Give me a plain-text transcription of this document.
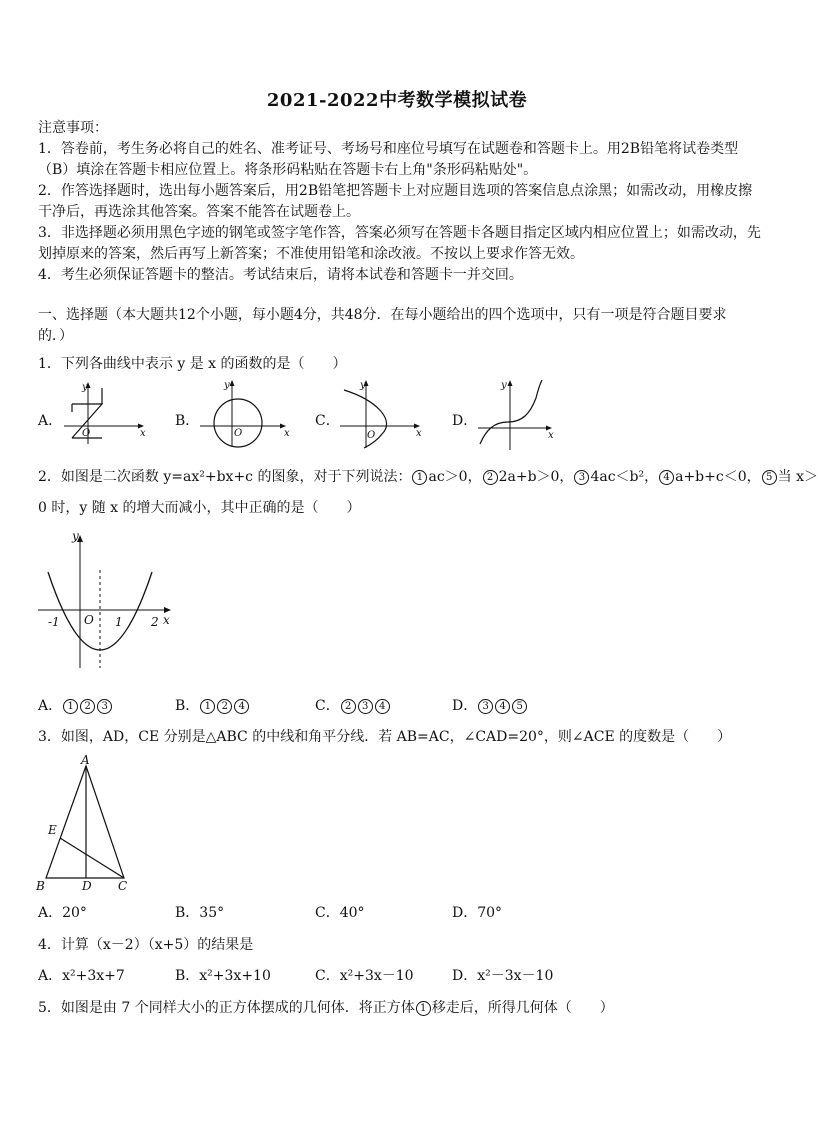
2021-2022中考数学模拟试卷
注意事项：
1．答卷前，考生务必将自己的姓名、准考证号、考场号和座位号填写在试题卷和答题卡上。用2B铅笔将试卷类型
（B）填涂在答题卡相应位置上。将条形码粘贴在答题卡右上角"条形码粘贴处"。
2．作答选择题时，选出每小题答案后，用2B铅笔把答题卡上对应题目选项的答案信息点涂黑；如需改动，用橡皮擦
干净后，再选涂其他答案。答案不能答在试题卷上。
3．非选择题必须用黑色字迹的钢笔或签字笔作答，答案必须写在答题卡各题目指定区域内相应位置上；如需改动，先
划掉原来的答案，然后再写上新答案；不准使用铅笔和涂改液。不按以上要求作答无效。
4．考生必须保证答题卡的整洁。考试结束后，请将本试卷和答题卡一并交回。
一、选择题（本大题共12个小题，每小题4分，共48分．在每小题给出的四个选项中，只有一项是符合题目要求
的．）
1．下列各曲线中表示 y 是 x 的函数的是（　　）
A．
y
x
O
B．
y
x
O
C．
y
x
O
D．
y
x
2．如图是二次函数 y=ax²+bx+c 的图象，对于下列说法： 1 ac＞0， 2 2a+b＞0， 3 4ac＜b²， 4 a+b+c＜0， 5 当 x＞
0 时，y 随 x 的增大而减小，其中正确的是（　　）
y
x
O
-1	1 2
A． 1 2 3	B． 1 2 4	C． 2 3 4	D． 3 4 5
3．如图，AD，CE 分别是△ABC 的中线和角平分线．若 AB=AC，∠CAD=20°，则∠ACE 的度数是（　　）
A
B	D C
E
A．20°	B．35°	C．40°	D．70°
4．计算（x－2）（x+5）的结果是
A．x²+3x+7	B．x²+3x+10	C．x²+3x－10	D．x²－3x－10
5．如图是由 7 个同样大小的正方体摆成的几何体．将正方体 1 移走后，所得几何体（　　）
